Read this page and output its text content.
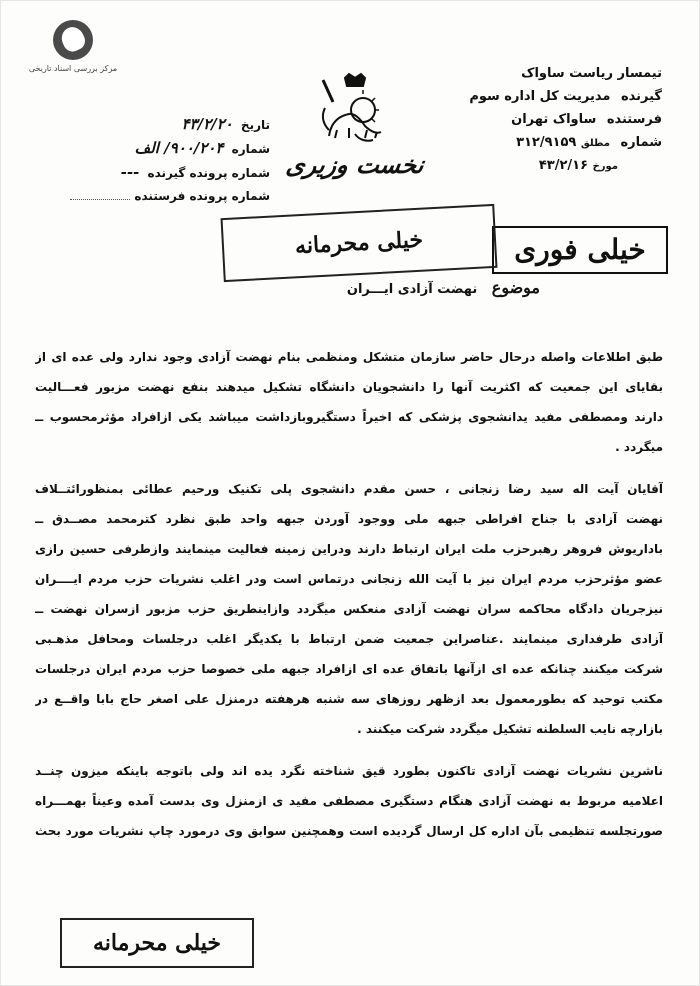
مرکز بررسی اسناد تاریخی	تیمسار ریاست ساواک
گیرنده مدیریت کل اداره سوم
فرستنده ساواک تهران
شماره مطلق ۳۱۲/۹۱۵۹
مورخ ۴۳/۲/۱۶
تاریخ ۴۳/۲/۲۰
شماره ۹۰۰/۲۰۴/ الف
شماره پرونده گیرنده ---
شماره پرونده فرستنده
نخست وزیری
خیلی فوری
خیلی محرمانه
موضوع نهضت آزادی ایـــران
طبق اطلاعات واصله درحال حاضر سازمان متشکل ومنظمی بنام نهضت آزادی وجود ندارد ولی عده ای از
بقایای این جمعیت که اکثریت آنها را دانشجویان دانشگاه تشکیل میدهند بنفع نهضت مزبور فعـــالیت
دارند ومصطفی مفید یدانشجوی پزشکی که اخیراً دستگیروبازداشت میباشد یکی ازافراد مؤثرمحسوب ــ
میگردد .
آقایان آیت اله سید رضا زنجانی ، حسن مقدم دانشجوی پلی تکنیک ورحیم عطائی بمنظورائتــلاف
نهضت آزادی با جناح افراطی جبهه ملی ووجود آوردن جبهه واحد طبق نظرد کترمحمد مصــدق ــ
باداریوش فروهر رهبرحزب ملت ایران ارتباط دارند ودراین زمینه فعالیت مینمایند وازطرفی حسین رازی
عضو مؤثرحزب مردم ایران نیز با آیت الله زنجانی درتماس است ودر اغلب نشریات حزب مردم ایــــران
نیزجریان دادگاه محاکمه سران نهضت آزادی منعکس میگردد وازاینطریق حزب مزبور ازسران نهضت ــ
آزادی طرفداری مینمایند .عناصراین جمعیت ضمن ارتباط با یکدیگر اغلب درجلسات ومحافل مذهـبی
شرکت میکنند چنانکه عده ای ازآنها باتفاق عده ای ازافراد جبهه ملی خصوصا حزب مردم ایران درجلسات
مکتب توحید که بطورمعمول بعد ازظهر روزهای سه شنبه هرهفته درمنزل علی اصغر حاج بابا واقــع در
بازارچه نایب السلطنه تشکیل میگردد شرکت میکنند .
ناشرین نشریات نهضت آزادی تاکنون بطورد قیق شناخته نگرد یده اند ولی باتوجه باینکه میزون چنــد
اعلامیه مربوط به نهضت آزادی هنگام دستگیری مصطفی مفید ی ازمنزل وی بدست آمده وعیناً بهمـــراه
صورتجلسه تنظیمی بآن اداره کل ارسال گردیده است وهمچنین سوابق وی درمورد چاپ نشریات مورد بحث
خیلی محرمانه
